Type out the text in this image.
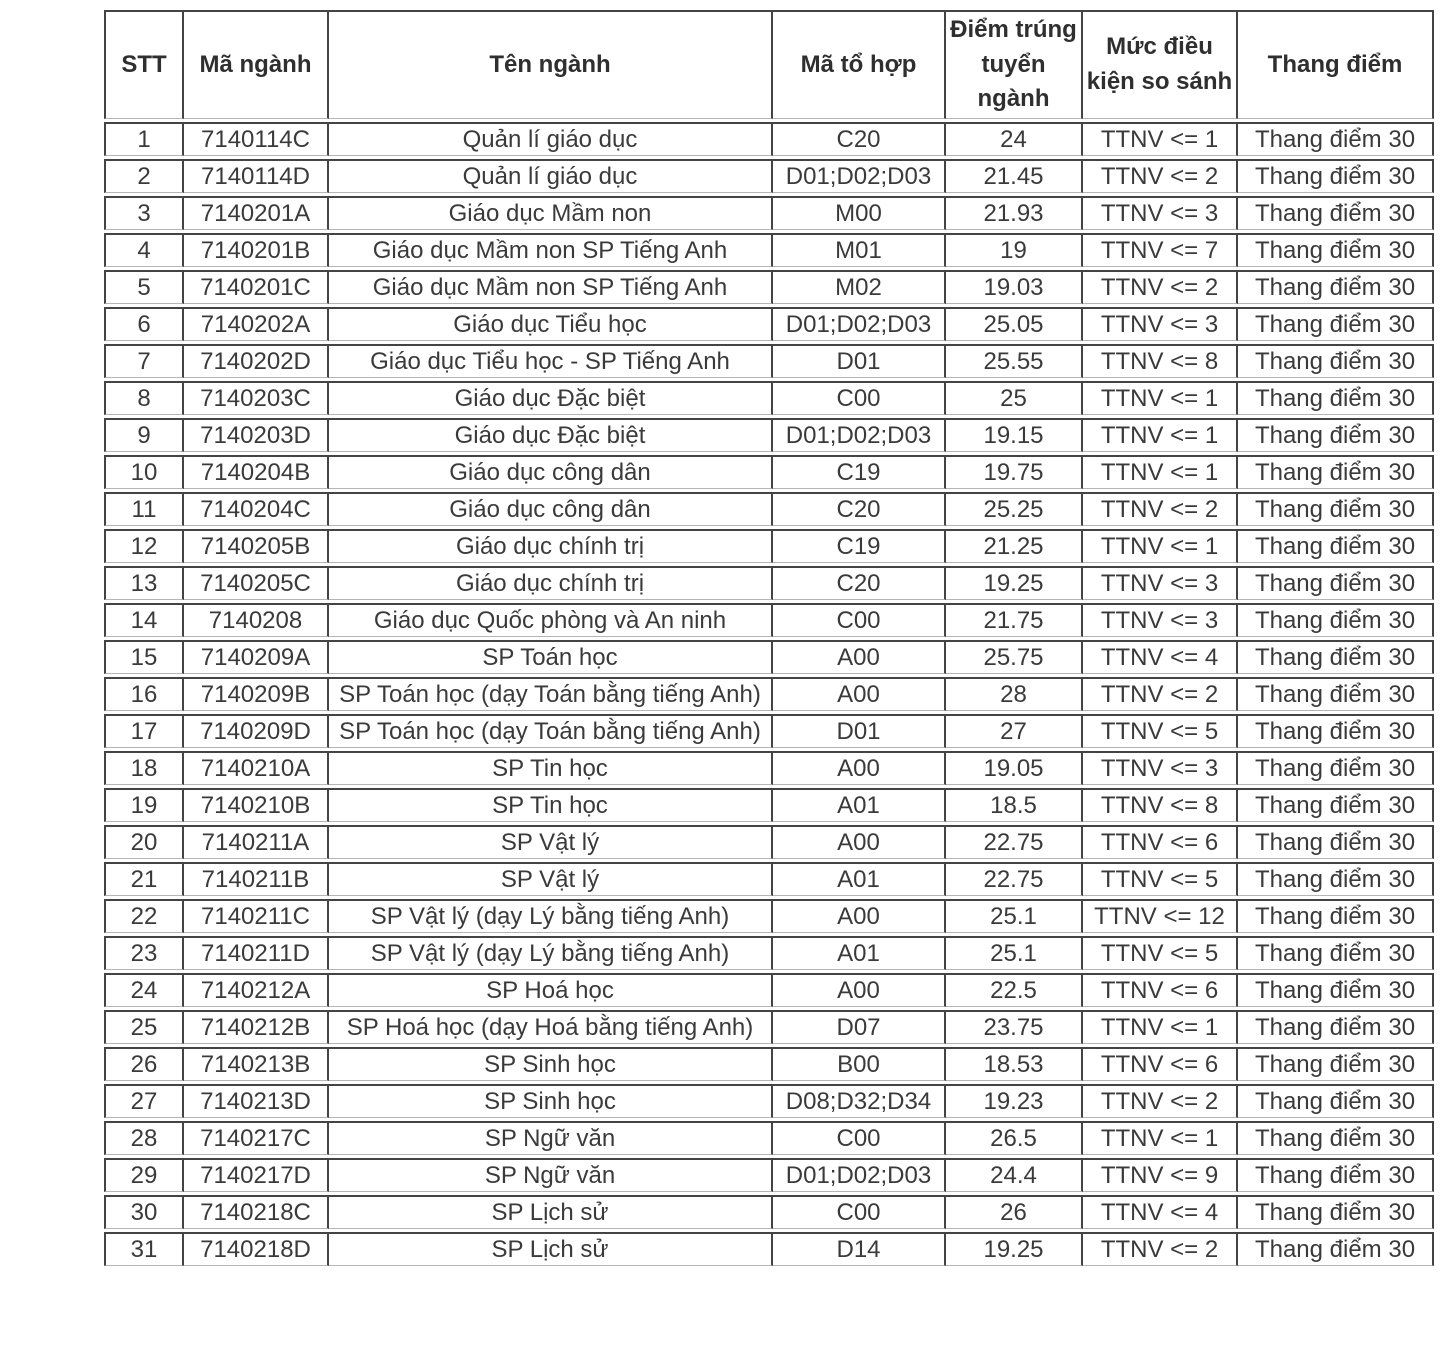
STT	Mã ngành	Tên ngành	Mã tổ hợp	Điểm trúng tuyển ngành	Mức điều kiện so sánh	Thang điểm
1	7140114C	Quản lí giáo dục	C20	24	TTNV <= 1	Thang điểm 30
2	7140114D	Quản lí giáo dục	D01;D02;D03	21.45	TTNV <= 2	Thang điểm 30
3	7140201A	Giáo dục Mầm non	M00	21.93	TTNV <= 3	Thang điểm 30
4	7140201B	Giáo dục Mầm non SP Tiếng Anh	M01	19	TTNV <= 7	Thang điểm 30
5	7140201C	Giáo dục Mầm non SP Tiếng Anh	M02	19.03	TTNV <= 2	Thang điểm 30
6	7140202A	Giáo dục Tiểu học	D01;D02;D03	25.05	TTNV <= 3	Thang điểm 30
7	7140202D	Giáo dục Tiểu học - SP Tiếng Anh	D01	25.55	TTNV <= 8	Thang điểm 30
8	7140203C	Giáo dục Đặc biệt	C00	25	TTNV <= 1	Thang điểm 30
9	7140203D	Giáo dục Đặc biệt	D01;D02;D03	19.15	TTNV <= 1	Thang điểm 30
10	7140204B	Giáo dục công dân	C19	19.75	TTNV <= 1	Thang điểm 30
11	7140204C	Giáo dục công dân	C20	25.25	TTNV <= 2	Thang điểm 30
12	7140205B	Giáo dục chính trị	C19	21.25	TTNV <= 1	Thang điểm 30
13	7140205C	Giáo dục chính trị	C20	19.25	TTNV <= 3	Thang điểm 30
14	7140208	Giáo dục Quốc phòng và An ninh	C00	21.75	TTNV <= 3	Thang điểm 30
15	7140209A	SP Toán học	A00	25.75	TTNV <= 4	Thang điểm 30
16	7140209B	SP Toán học (dạy Toán bằng tiếng Anh)	A00	28	TTNV <= 2	Thang điểm 30
17	7140209D	SP Toán học (dạy Toán bằng tiếng Anh)	D01	27	TTNV <= 5	Thang điểm 30
18	7140210A	SP Tin học	A00	19.05	TTNV <= 3	Thang điểm 30
19	7140210B	SP Tin học	A01	18.5	TTNV <= 8	Thang điểm 30
20	7140211A	SP Vật lý	A00	22.75	TTNV <= 6	Thang điểm 30
21	7140211B	SP Vật lý	A01	22.75	TTNV <= 5	Thang điểm 30
22	7140211C	SP Vật lý (dạy Lý bằng tiếng Anh)	A00	25.1	TTNV <= 12	Thang điểm 30
23	7140211D	SP Vật lý (dạy Lý bằng tiếng Anh)	A01	25.1	TTNV <= 5	Thang điểm 30
24	7140212A	SP Hoá học	A00	22.5	TTNV <= 6	Thang điểm 30
25	7140212B	SP Hoá học (dạy Hoá bằng tiếng Anh)	D07	23.75	TTNV <= 1	Thang điểm 30
26	7140213B	SP Sinh học	B00	18.53	TTNV <= 6	Thang điểm 30
27	7140213D	SP Sinh học	D08;D32;D34	19.23	TTNV <= 2	Thang điểm 30
28	7140217C	SP Ngữ văn	C00	26.5	TTNV <= 1	Thang điểm 30
29	7140217D	SP Ngữ văn	D01;D02;D03	24.4	TTNV <= 9	Thang điểm 30
30	7140218C	SP Lịch sử	C00	26	TTNV <= 4	Thang điểm 30
31	7140218D	SP Lịch sử	D14	19.25	TTNV <= 2	Thang điểm 30
